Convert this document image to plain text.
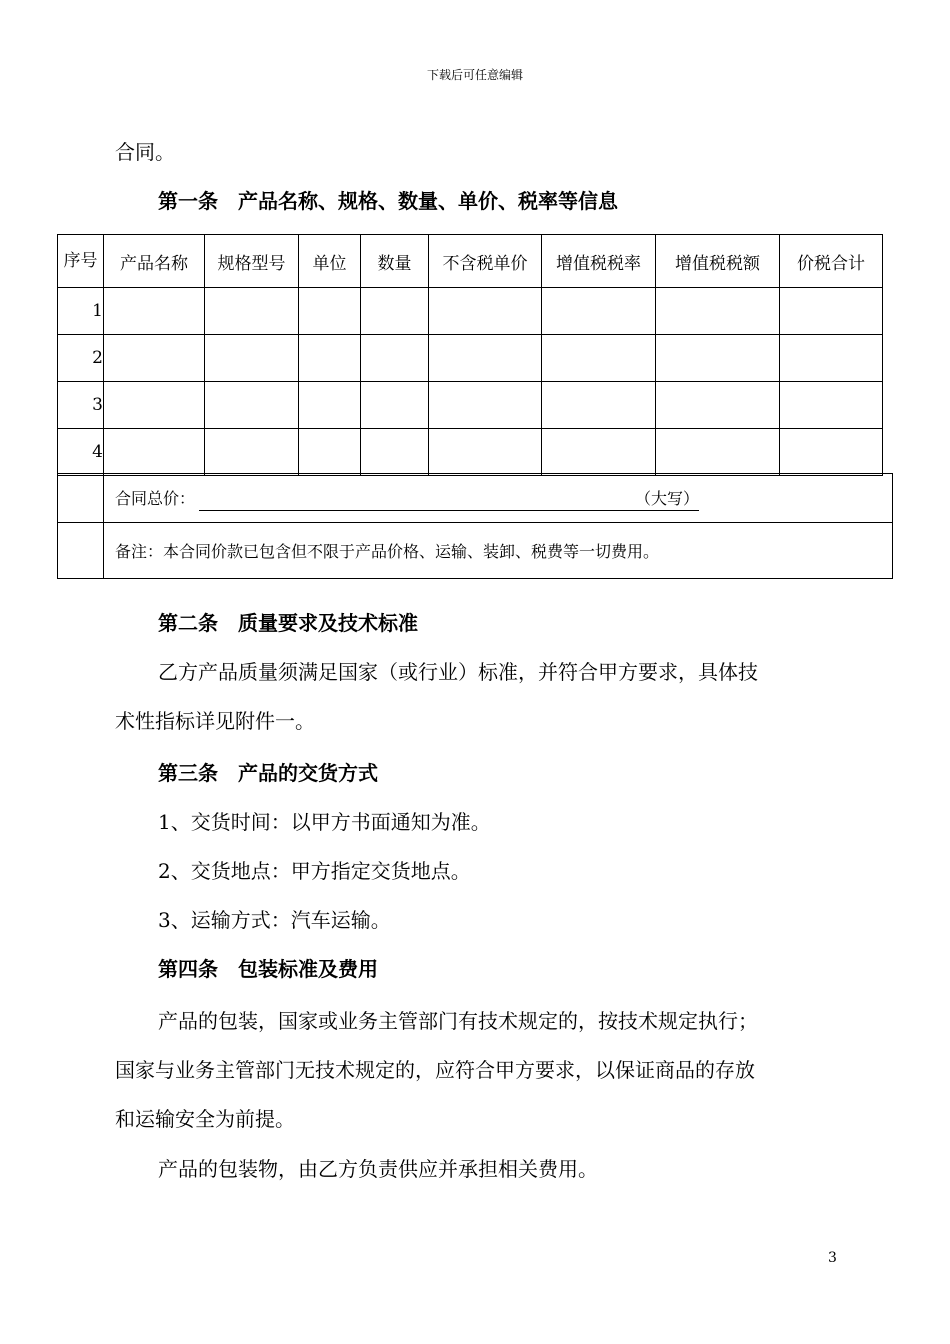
下载后可任意编辑
合同。
第一条　产品名称、规格、数量、单价、税率等信息
序号	产品名称	规格型号	单位	数量	不含税单价	增值税税率	增值税税额	价税合计
1								
2								
3								
4								
	合同总价： （大写）
	备注：本合同价款已包含但不限于产品价格、运输、装卸、税费等一切费用。
第二条　质量要求及技术标准
乙方产品质量须满足国家（或行业）标准，并符合甲方要求，具体技
术性指标详见附件一。
第三条　产品的交货方式
1、交货时间：以甲方书面通知为准。
2、交货地点：甲方指定交货地点。
3、运输方式：汽车运输。
第四条　包装标准及费用
产品的包装，国家或业务主管部门有技术规定的，按技术规定执行；
国家与业务主管部门无技术规定的，应符合甲方要求，以保证商品的存放
和运输安全为前提。
产品的包装物，由乙方负责供应并承担相关费用。
3
